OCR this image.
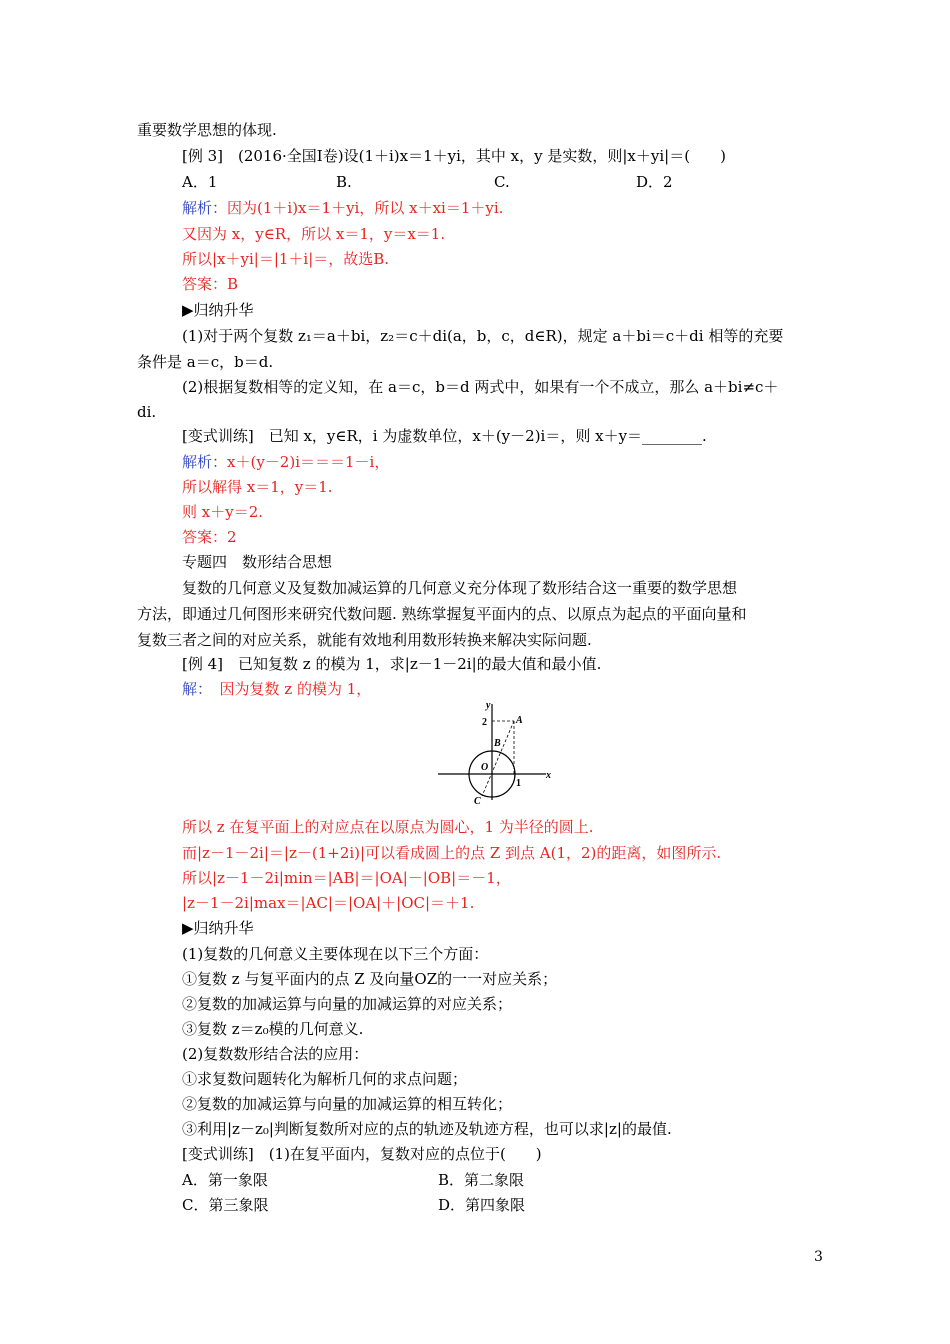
重要数学思想的体现.
[例 3]　(2016·全国Ⅰ卷)设(1＋i)x＝1＋yi，其中 x，y 是实数，则|x＋yi|＝(　　)
A．1	B.	C.	D．2
解析：因为(1＋i)x＝1＋yi，所以 x＋xi＝1＋yi.
又因为 x，y∈R，所以 x＝1，y＝x＝1.
所以|x＋yi|＝|1＋i|＝，故选B.
答案：B
▶归纳升华
(1)对于两个复数 z₁＝a＋bi，z₂＝c＋di(a，b，c，d∈R)，规定 a＋bi＝c＋di 相等的充要
条件是 a＝c，b＝d.
(2)根据复数相等的定义知，在 a＝c，b＝d 两式中，如果有一个不成立，那么 a＋bi≠c＋
di.
[变式训练]　已知 x，y∈R，i 为虚数单位，x＋(y－2)i＝，则 x＋y＝________.
解析：x＋(y－2)i＝＝＝1－i，
所以解得 x＝1，y＝1.
则 x＋y＝2.
答案：2
专题四　数形结合思想
复数的几何意义及复数加减运算的几何意义充分体现了数形结合这一重要的数学思想
方法，即通过几何图形来研究代数问题. 熟练掌握复平面内的点、以原点为起点的平面向量和
复数三者之间的对应关系，就能有效地利用数形转换来解决实际问题.
[例 4]　已知复数 z 的模为 1，求|z－1－2i|的最大值和最小值.
解：　 因为复数 z 的模为 1，
y
x
2
1
A
B
O
C
所以 z 在复平面上的对应点在以原点为圆心，1 为半径的圆上.
而|z－1－2i|＝|z－(1+2i)|可以看成圆上的点 Z 到点 A(1，2)的距离，如图所示.
所以|z－1－2i|min＝|AB|＝|OA|－|OB|＝－1，
|z－1－2i|max＝|AC|＝|OA|＋|OC|＝＋1.
▶归纳升华
(1)复数的几何意义主要体现在以下三个方面：
①复数 z 与复平面内的点 Z 及向量OZ的一一对应关系；
②复数的加减运算与向量的加减运算的对应关系；
③复数 z＝z₀模的几何意义.
(2)复数数形结合法的应用：
①求复数问题转化为解析几何的求点问题；
②复数的加减运算与向量的加减运算的相互转化；
③利用|z－z₀|判断复数所对应的点的轨迹及轨迹方程，也可以求|z|的最值.
[变式训练]　(1)在复平面内，复数对应的点位于(　　)
A．第一象限	B．第二象限
C．第三象限	D．第四象限
3
